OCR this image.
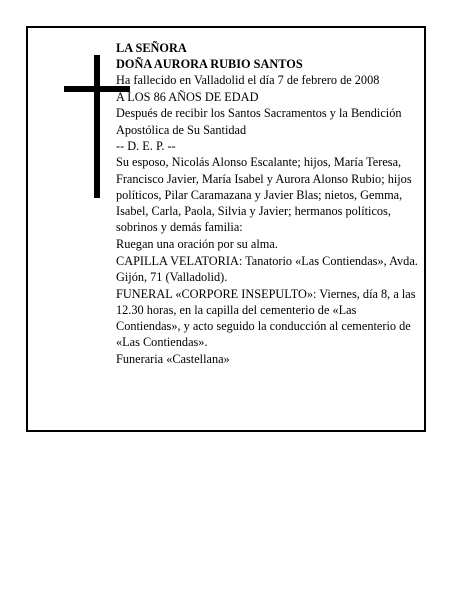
LA SEÑORA

DOÑA AURORA RUBIO SANTOS

Ha fallecido en Valladolid el día 7 de febrero de 2008

A LOS 86 AÑOS DE EDAD

Después de recibir los Santos Sacramentos y la Bendición Apostólica de Su Santidad

-- D. E. P. --

Su esposo, Nicolás Alonso Escalante; hijos, María Teresa, Francisco Javier, María Isabel y Aurora Alonso Rubio; hijos políticos, Pilar Caramazana y Javier Blas; nietos, Gemma, Isabel, Carla, Paola, Silvia y Javier; hermanos políticos, sobrinos y demás familia:

Ruegan una oración por su alma.

CAPILLA VELATORIA: Tanatorio «Las Contiendas», Avda. Gijón, 71 (Valladolid).

FUNERAL «CORPORE INSEPULTO»: Viernes, día 8, a las 12.30 horas, en la capilla del cementerio de «Las Contiendas», y acto seguido la conducción al cementerio de «Las Contiendas».

Funeraria «Castellana»
